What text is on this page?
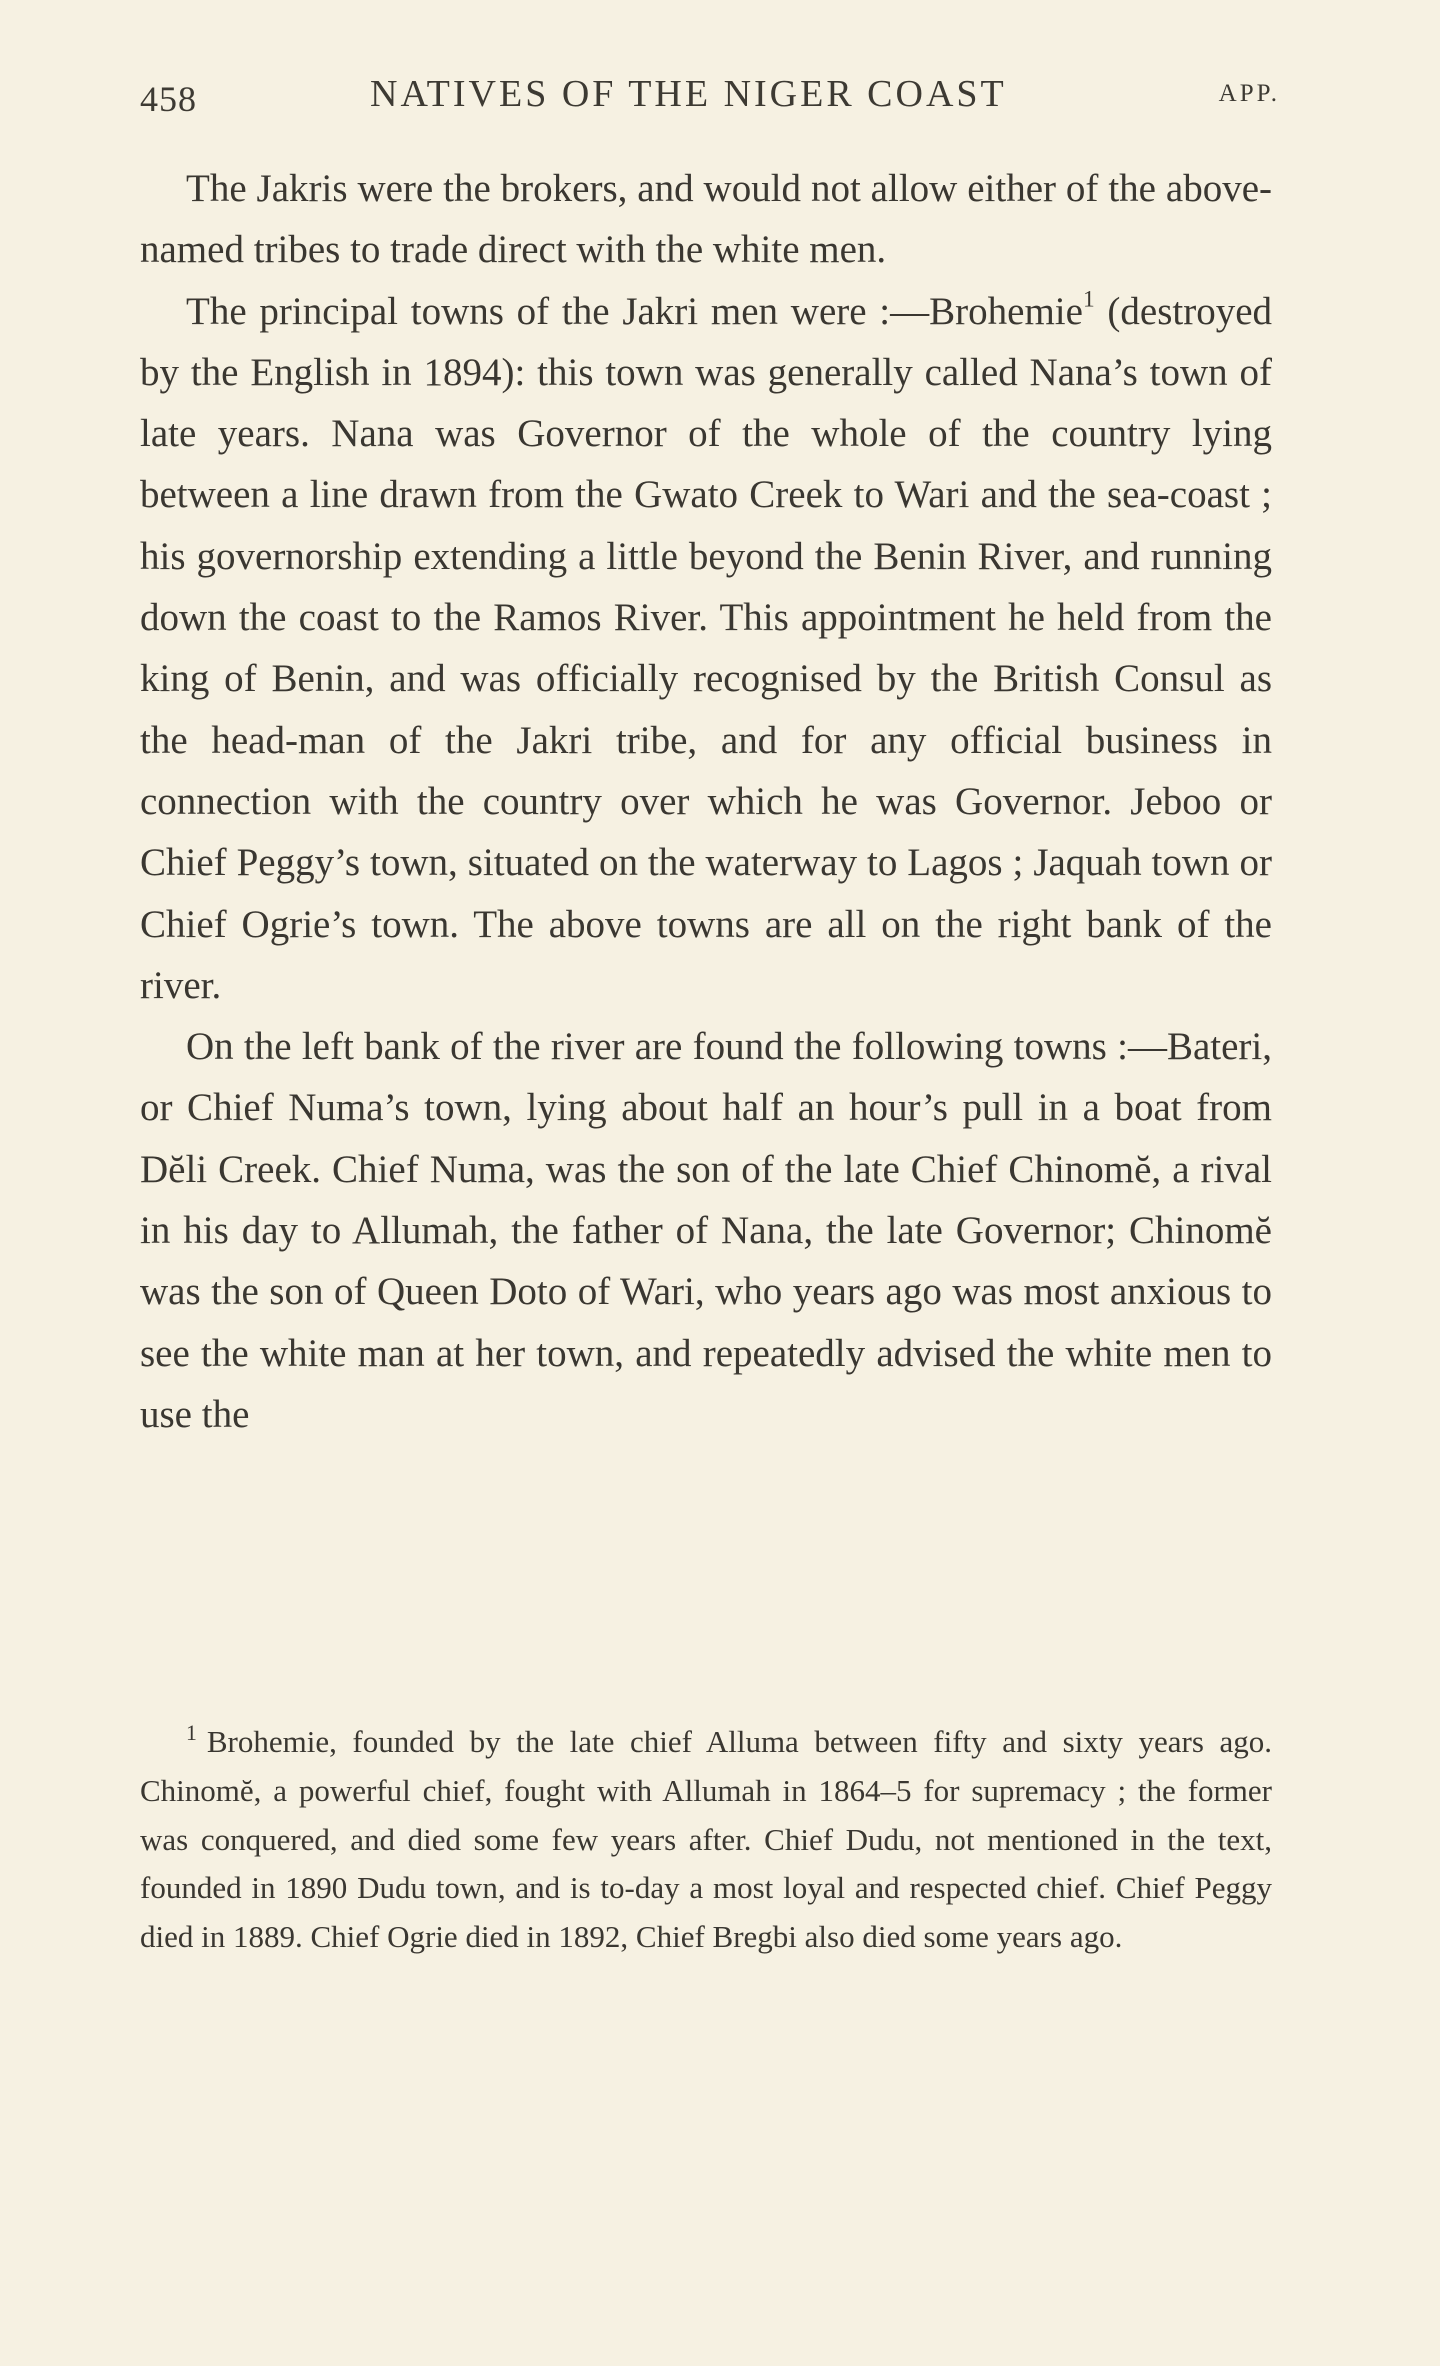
458	NATIVES OF THE NIGER COAST	APP.

The Jakris were the brokers, and would not allow either of the above-named tribes to trade direct with the white men.

The principal towns of the Jakri men were :—Brohemie$^1$ (destroyed by the English in 1894): this town was generally called Nana’s town of late years. Nana was Governor of the whole of the country lying between a line drawn from the Gwato Creek to Wari and the sea-coast ; his governorship extending a little beyond the Benin River, and running down the coast to the Ramos River. This appointment he held from the king of Benin, and was officially recognised by the British Consul as the head-man of the Jakri tribe, and for any official business in connection with the country over which he was Governor. Jeboo or Chief Peggy’s town, situated on the waterway to Lagos ; Jaquah town or Chief Ogrie’s town. The above towns are all on the right bank of the river.

On the left bank of the river are found the following towns :—Bateri, or Chief Numa’s town, lying about half an hour’s pull in a boat from Dĕli Creek. Chief Numa, was the son of the late Chief Chinomĕ, a rival in his day to Allumah, the father of Nana, the late Governor; Chinomĕ was the son of Queen Doto of Wari, who years ago was most anxious to see the white man at her town, and repeatedly advised the white men to use the

$^1$ Brohemie, founded by the late chief Alluma between fifty and sixty years ago. Chinomĕ, a powerful chief, fought with Allumah in 1864–5 for supremacy ; the former was conquered, and died some few years after. Chief Dudu, not mentioned in the text, founded in 1890 Dudu town, and is to-day a most loyal and respected chief. Chief Peggy died in 1889. Chief Ogrie died in 1892, Chief Bregbi also died some years ago.
